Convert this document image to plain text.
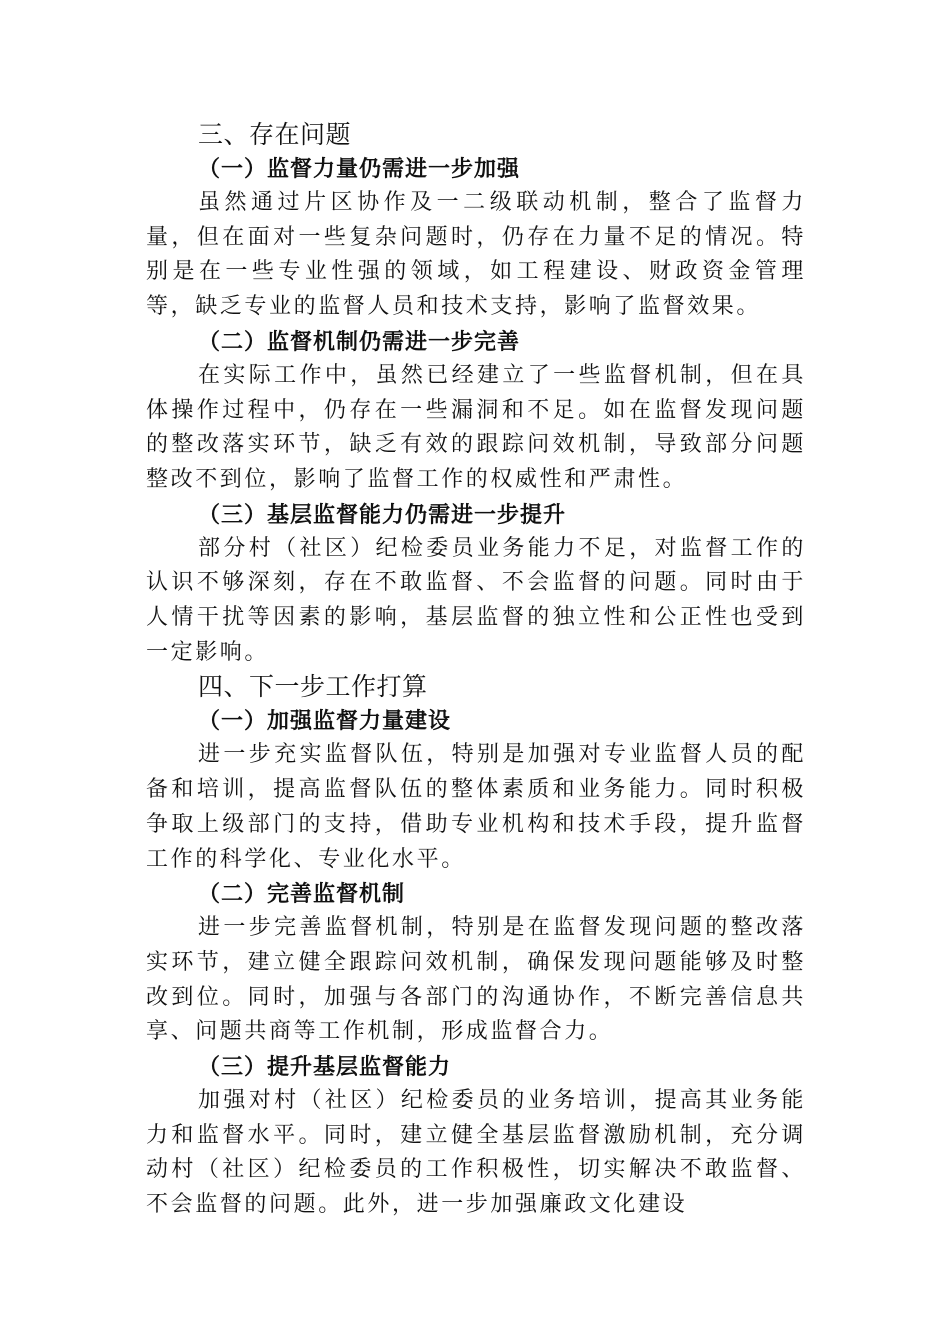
三、存在问题
（一）监督力量仍需进一步加强

虽然通过片区协作及一二级联动机制，整合了监督力量，但在面对一些复杂问题时，仍存在力量不足的情况。特别是在一些专业性强的领域，如工程建设、财政资金管理等，缺乏专业的监督人员和技术支持，影响了监督效果。

（二）监督机制仍需进一步完善

在实际工作中，虽然已经建立了一些监督机制，但在具体操作过程中，仍存在一些漏洞和不足。如在监督发现问题的整改落实环节，缺乏有效的跟踪问效机制，导致部分问题整改不到位，影响了监督工作的权威性和严肃性。

（三）基层监督能力仍需进一步提升

部分村（社区）纪检委员业务能力不足，对监督工作的认识不够深刻，存在不敢监督、不会监督的问题。同时由于人情干扰等因素的影响，基层监督的独立性和公正性也受到一定影响。

四、下一步工作打算
（一）加强监督力量建设

进一步充实监督队伍，特别是加强对专业监督人员的配备和培训，提高监督队伍的整体素质和业务能力。同时积极争取上级部门的支持，借助专业机构和技术手段，提升监督工作的科学化、专业化水平。

（二）完善监督机制

进一步完善监督机制，特别是在监督发现问题的整改落实环节，建立健全跟踪问效机制，确保发现问题能够及时整改到位。同时，加强与各部门的沟通协作，不断完善信息共享、问题共商等工作机制，形成监督合力。

（三）提升基层监督能力

加强对村（社区）纪检委员的业务培训，提高其业务能力和监督水平。同时，建立健全基层监督激励机制，充分调动村（社区）纪检委员的工作积极性，切实解决不敢监督、不会监督的问题。此外，进一步加强廉政文化建设
